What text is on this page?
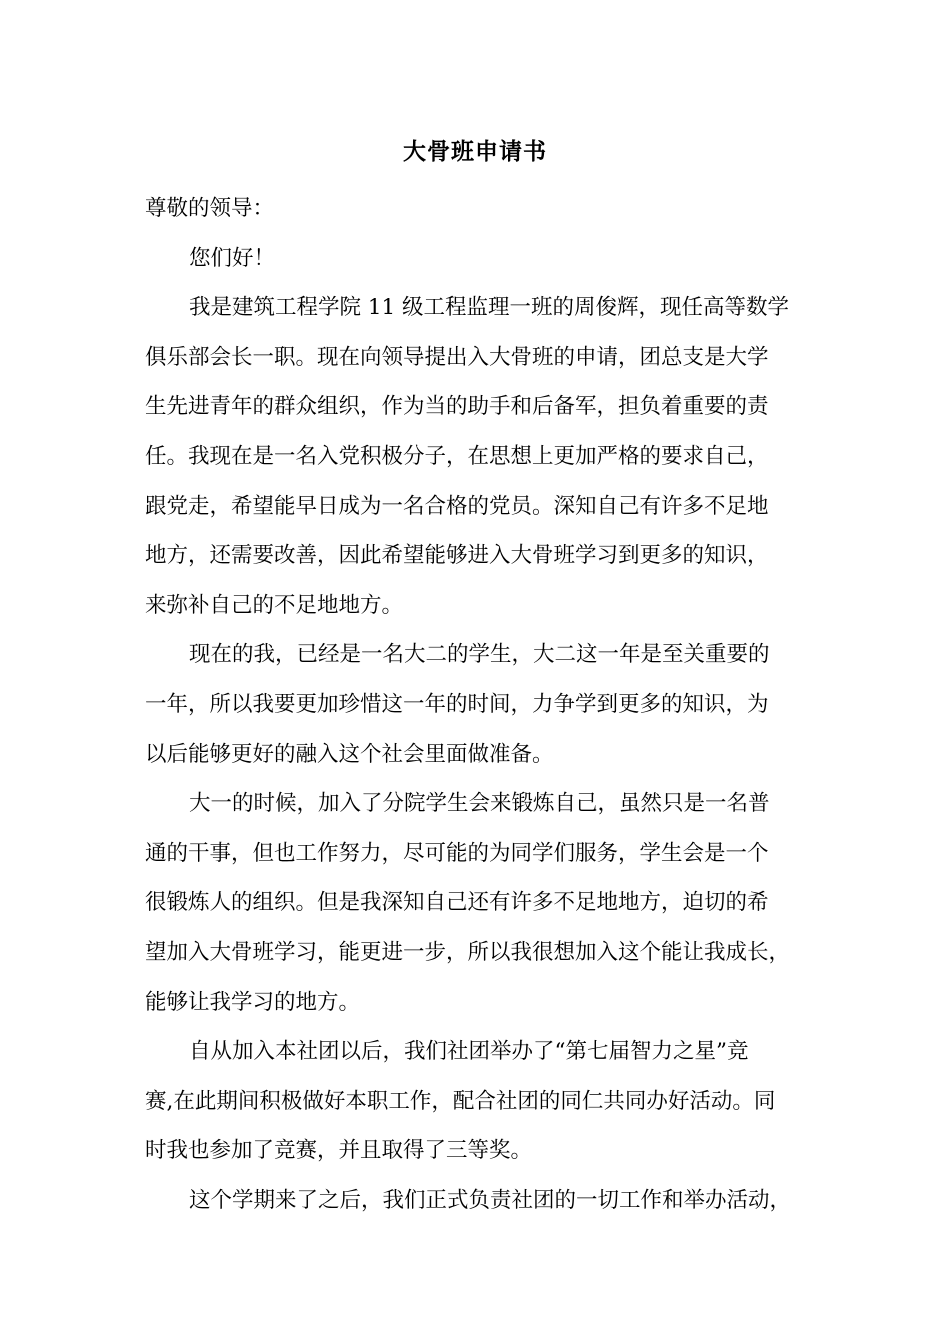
大骨班申请书
尊敬的领导：
您们好！
我是建筑工程学院 11 级工程监理一班的周俊辉，现任高等数学
俱乐部会长一职。现在向领导提出入大骨班的申请，团总支是大学
生先进青年的群众组织，作为当的助手和后备军，担负着重要的责
任。我现在是一名入党积极分子，在思想上更加严格的要求自己，
跟党走，希望能早日成为一名合格的党员。深知自己有许多不足地
地方，还需要改善，因此希望能够进入大骨班学习到更多的知识，
来弥补自己的不足地地方。
现在的我，已经是一名大二的学生，大二这一年是至关重要的
一年，所以我要更加珍惜这一年的时间，力争学到更多的知识，为
以后能够更好的融入这个社会里面做准备。
大一的时候，加入了分院学生会来锻炼自己，虽然只是一名普
通的干事，但也工作努力，尽可能的为同学们服务，学生会是一个
很锻炼人的组织。但是我深知自己还有许多不足地地方，迫切的希
望加入大骨班学习，能更进一步，所以我很想加入这个能让我成长，
能够让我学习的地方。
自从加入本社团以后，我们社团举办了“第七届智力之星”竞
赛,在此期间积极做好本职工作，配合社团的同仁共同办好活动。同
时我也参加了竞赛，并且取得了三等奖。
这个学期来了之后，我们正式负责社团的一切工作和举办活动，
